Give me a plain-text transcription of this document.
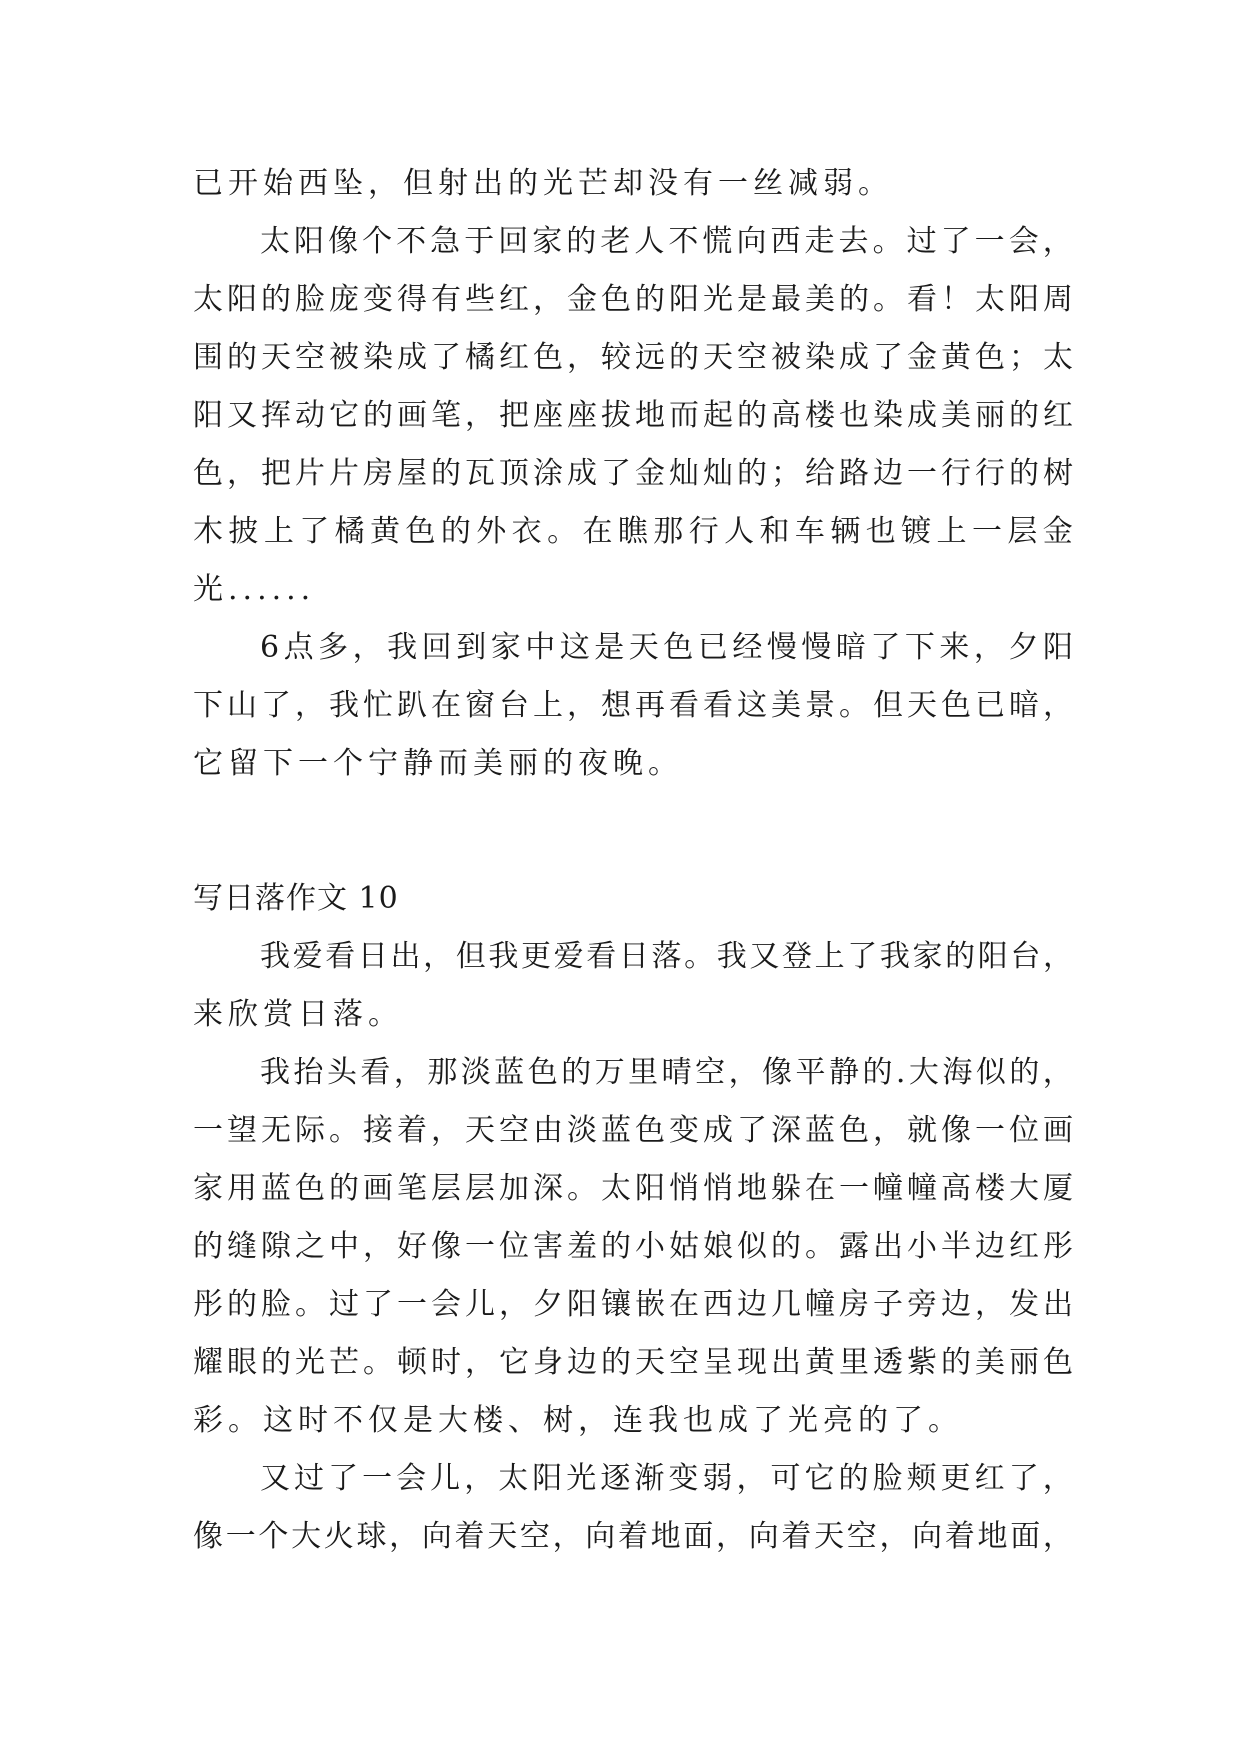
已开始西坠，但射出的光芒却没有一丝减弱。
太 阳 像 个 不 急 于 回 家 的 老 人 不 慌 向 西 走 去 。 过 了 一 会 ，
太 阳 的 脸 庞 变 得 有 些 红 ， 金 色 的 阳 光 是 最 美 的 。 看 ！ 太 阳 周
围 的 天 空 被 染 成 了 橘 红 色 ， 较 远 的 天 空 被 染 成 了 金 黄 色 ； 太
阳 又 挥 动 它 的 画 笔 ， 把 座 座 拔 地 而 起 的 高 楼 也 染 成 美 丽 的 红
色 ， 把 片 片 房 屋 的 瓦 顶 涂 成 了 金 灿 灿 的 ； 给 路 边 一 行 行 的 树
木 披 上 了 橘 黄 色 的 外 衣 。 在 瞧 那 行 人 和 车 辆 也 镀 上 一 层 金
光......
6 点 多 ， 我 回 到 家 中 这 是 天 色 已 经 慢 慢 暗 了 下 来 ， 夕 阳
下 山 了 ， 我 忙 趴 在 窗 台 上 ， 想 再 看 看 这 美 景 。 但 天 色 已 暗 ，
它留下一个宁静而美丽的夜晚。
写日落作文 10
我 爱 看 日 出 ， 但 我 更 爱 看 日 落 。 我 又 登 上 了 我 家 的 阳 台 ，
来欣赏日落。
我 抬 头 看 ， 那 淡 蓝 色 的 万 里 晴 空 ， 像 平 静 的 . 大 海 似 的 ，
一 望 无 际 。 接 着 ， 天 空 由 淡 蓝 色 变 成 了 深 蓝 色 ， 就 像 一 位 画
家 用 蓝 色 的 画 笔 层 层 加 深 。 太 阳 悄 悄 地 躲 在 一 幢 幢 高 楼 大 厦
的 缝 隙 之 中 ， 好 像 一 位 害 羞 的 小 姑 娘 似 的 。 露 出 小 半 边 红 彤
彤 的 脸 。 过 了 一 会 儿 ， 夕 阳 镶 嵌 在 西 边 几 幢 房 子 旁 边 ， 发 出
耀 眼 的 光 芒 。 顿 时 ， 它 身 边 的 天 空 呈 现 出 黄 里 透 紫 的 美 丽 色
彩。这时不仅是大楼、树，连我也成了光亮的了。
又 过 了 一 会 儿 ， 太 阳 光 逐 渐 变 弱 ， 可 它 的 脸 颊 更 红 了 ，
像 一 个 大 火 球 ， 向 着 天 空 ， 向 着 地 面 ， 向 着 天 空 ， 向 着 地 面 ，
